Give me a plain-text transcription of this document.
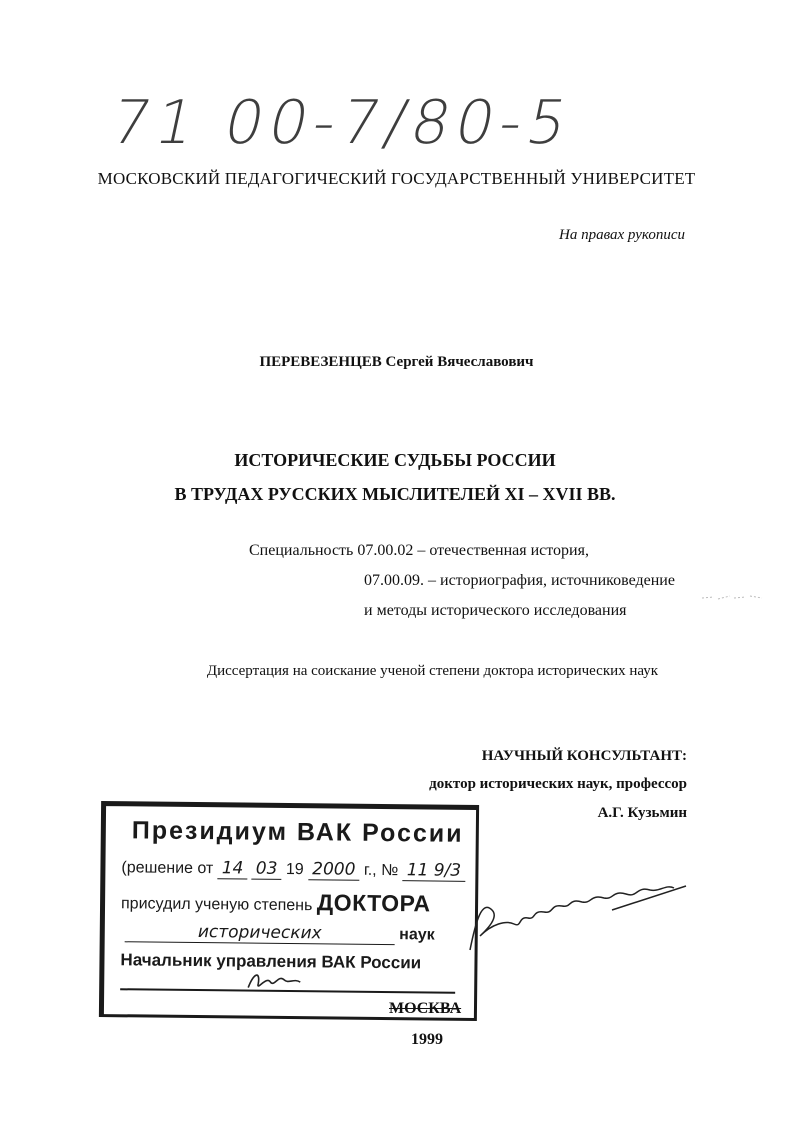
71 00-7/80-5
МОСКОВСКИЙ ПЕДАГОГИЧЕСКИЙ ГОСУДАРСТВЕННЫЙ УНИВЕРСИТЕТ
На правах рукописи
ПЕРЕВЕЗЕНЦЕВ Сергей Вячеславович
ИСТОРИЧЕСКИЕ СУДЬБЫ РОССИИ
В ТРУДАХ РУССКИХ МЫСЛИТЕЛЕЙ XI – XVII ВВ.
Специальность 07.00.02 – отечественная история,
07.00.09. – историография, источниковедение
и методы исторического исследования
Диссертация на соискание ученой степени доктора исторических наук
НАУЧНЫЙ КОНСУЛЬТАНТ:
доктор исторических наук, профессор
А.Г. Кузьмин
Президиум ВАК России
(решение от 14 03 19 2000 г., № 11 9/3
присудил ученую степень ДОКТОРА
исторических	наук
Начальник управления ВАК России
МОСКВА
1999
